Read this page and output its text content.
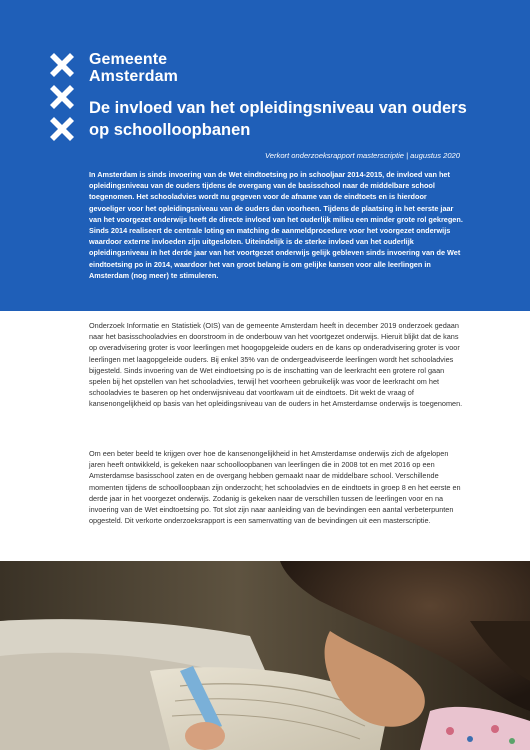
Gemeente
Amsterdam
De invloed van het opleidingsniveau van ouders op schoolloopbanen
Verkort onderzoeksrapport masterscriptie | augustus 2020

In Amsterdam is sinds invoering van de Wet eindtoetsing po in schooljaar 2014-2015, de invloed van het opleidingsniveau van de ouders tijdens de overgang van de basisschool naar de middelbare school toegenomen. Het schooladvies wordt nu gegeven voor de afname van de eindtoets en is hierdoor gevoeliger voor het opleidingsniveau van de ouders dan voorheen. Tijdens de plaatsing in het eerste jaar van het voorgezet onderwijs heeft de directe invloed van het ouderlijk milieu een minder grote rol gekregen. Sinds 2014 realiseert de centrale loting en matching de aanmeldprocedure voor het voorgezet onderwijs waardoor externe invloeden zijn uitgesloten. Uiteindelijk is de sterke invloed van het ouderlijk opleidingsniveau in het derde jaar van het voortgezet onderwijs gelijk gebleven sinds invoering van de Wet eindtoetsing po in 2014, waardoor het van groot belang is om gelijke kansen voor alle leerlingen in Amsterdam (nog meer) te stimuleren.

Onderzoek Informatie en Statistiek (OIS) van de gemeente Amsterdam heeft in december 2019 onderzoek gedaan naar het basisschooladvies en doorstroom in de onderbouw van het voortgezet onderwijs. Hieruit blijkt dat de kans op overadvisering groter is voor leerlingen met hoogopgeleide ouders en de kans op onderadvisering groter is voor leerlingen met laagopgeleide ouders. Bij enkel 35% van de ondergeadviseerde leerlingen wordt het schooladvies bijgesteld. Sinds invoering van de Wet eindtoetsing po is de inschatting van de leerkracht een grotere rol gaan spelen bij het opstellen van het schooladvies, terwijl het voorheen gebruikelijk was voor de leerkracht om het schooladvies te baseren op het onderwijsniveau dat voortkwam uit de eindtoets. Dit wekt de vraag of kansenongelijkheid op basis van het opleidingsniveau van de ouders in het Amsterdamse onderwijs is toegenomen.

Om een beter beeld te krijgen over hoe de kansenongelijkheid in het Amsterdamse onderwijs zich de afgelopen jaren heeft ontwikkeld, is gekeken naar schoolloopbanen van leerlingen die in 2008 tot en met 2016 op een Amsterdamse basisschool zaten en de overgang hebben gemaakt naar de middelbare school. Verschillende momenten tijdens de schoolloopbaan zijn onderzocht; het schooladvies en de eindtoets in groep 8 en het eerste en derde jaar in het voorgezet onderwijs. Zodanig is gekeken naar de verschillen tussen de leerlingen voor en na invoering van de Wet eindtoetsing po. Tot slot zijn naar aanleiding van de bevindingen een aantal verbeterpunten opgesteld. Dit verkorte onderzoeksrapport is een samenvatting van de bevindingen uit een masterscriptie.
